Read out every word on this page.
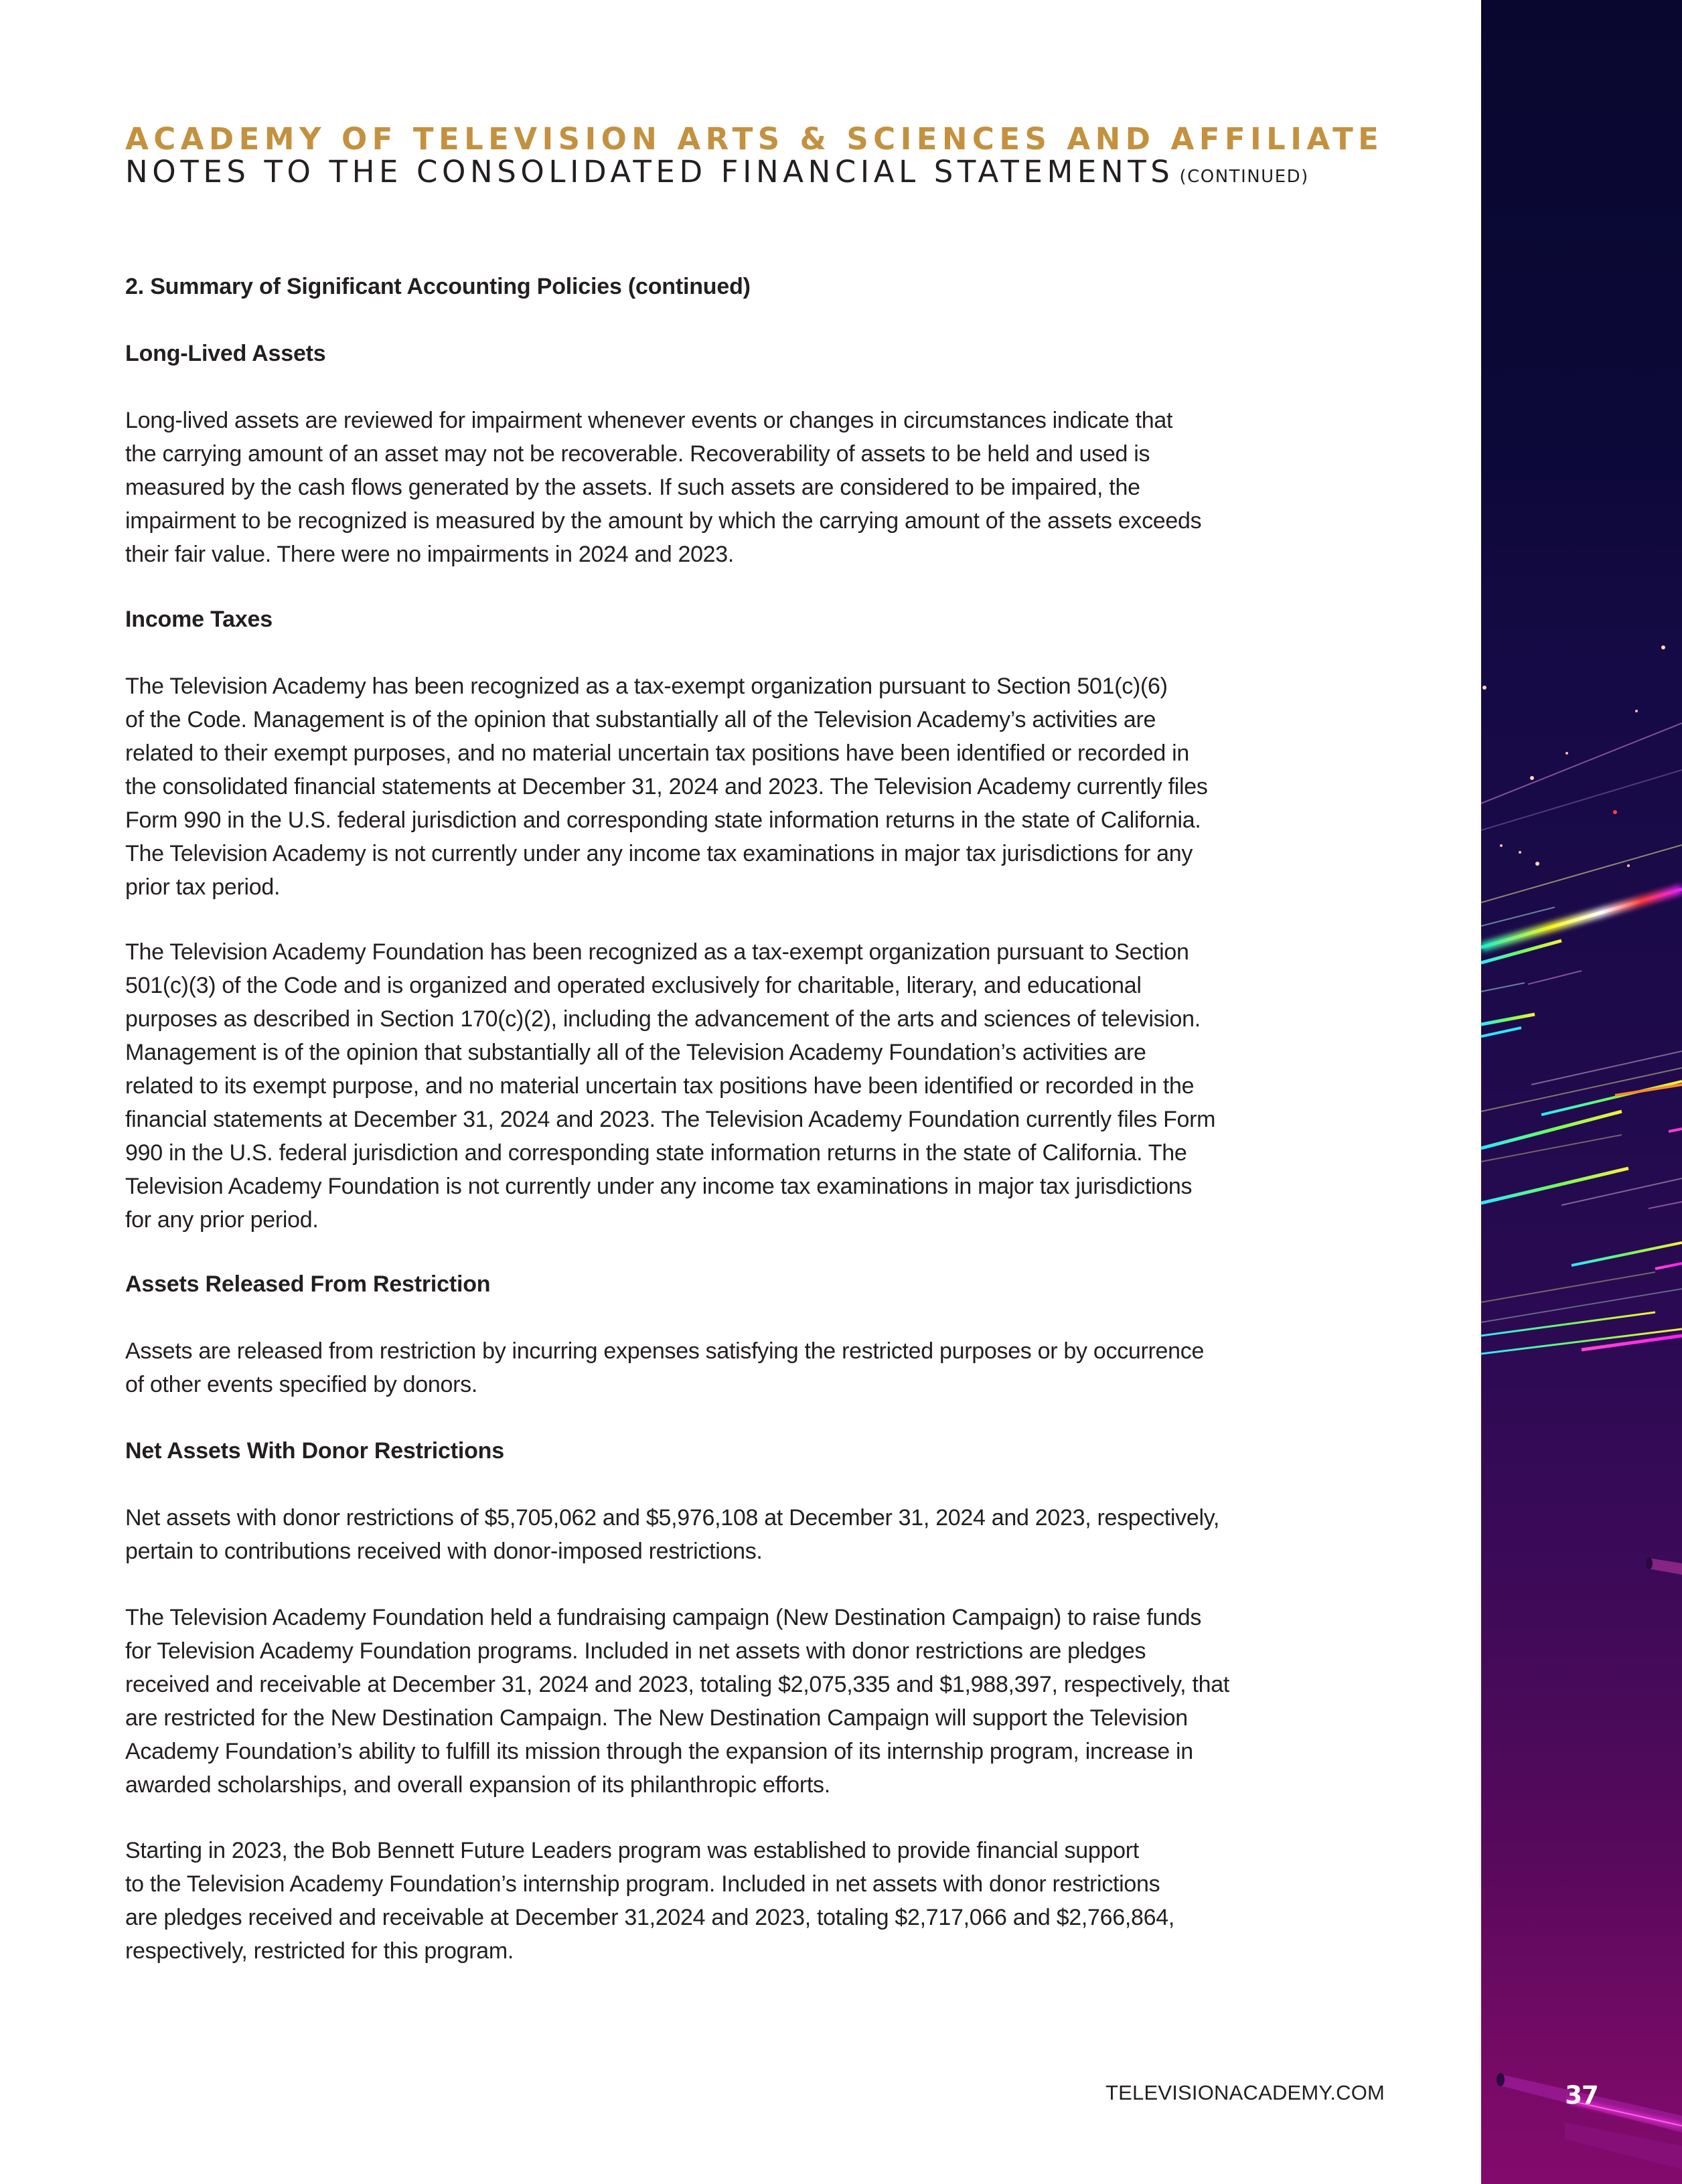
ACADEMY OF TELEVISION ARTS & SCIENCES AND AFFILIATE
NOTES TO THE CONSOLIDATED FINANCIAL STATEMENTS (CONTINUED)
2. Summary of Significant Accounting Policies (continued)
Long-Lived Assets
Long-lived assets are reviewed for impairment whenever events or changes in circumstances indicate that
the carrying amount of an asset may not be recoverable. Recoverability of assets to be held and used is
measured by the cash flows generated by the assets. If such assets are considered to be impaired, the
impairment to be recognized is measured by the amount by which the carrying amount of the assets exceeds
their fair value. There were no impairments in 2024 and 2023.
Income Taxes
The Television Academy has been recognized as a tax-exempt organization pursuant to Section 501(c)(6)
of the Code. Management is of the opinion that substantially all of the Television Academy’s activities are
related to their exempt purposes, and no material uncertain tax positions have been identified or recorded in
the consolidated financial statements at December 31, 2024 and 2023. The Television Academy currently files
Form 990 in the U.S. federal jurisdiction and corresponding state information returns in the state of California.
The Television Academy is not currently under any income tax examinations in major tax jurisdictions for any
prior tax period.
The Television Academy Foundation has been recognized as a tax-exempt organization pursuant to Section
501(c)(3) of the Code and is organized and operated exclusively for charitable, literary, and educational
purposes as described in Section 170(c)(2), including the advancement of the arts and sciences of television.
Management is of the opinion that substantially all of the Television Academy Foundation’s activities are
related to its exempt purpose, and no material uncertain tax positions have been identified or recorded in the
financial statements at December 31, 2024 and 2023. The Television Academy Foundation currently files Form
990 in the U.S. federal jurisdiction and corresponding state information returns in the state of California. The
Television Academy Foundation is not currently under any income tax examinations in major tax jurisdictions
for any prior period.
Assets Released From Restriction
Assets are released from restriction by incurring expenses satisfying the restricted purposes or by occurrence
of other events specified by donors.
Net Assets With Donor Restrictions
Net assets with donor restrictions of $5,705,062 and $5,976,108 at December 31, 2024 and 2023, respectively,
pertain to contributions received with donor-imposed restrictions.
The Television Academy Foundation held a fundraising campaign (New Destination Campaign) to raise funds
for Television Academy Foundation programs. Included in net assets with donor restrictions are pledges
received and receivable at December 31, 2024 and 2023, totaling $2,075,335 and $1,988,397, respectively, that
are restricted for the New Destination Campaign. The New Destination Campaign will support the Television
Academy Foundation’s ability to fulfill its mission through the expansion of its internship program, increase in
awarded scholarships, and overall expansion of its philanthropic efforts.
Starting in 2023, the Bob Bennett Future Leaders program was established to provide financial support
to the Television Academy Foundation’s internship program. Included in net assets with donor restrictions
are pledges received and receivable at December 31,2024 and 2023, totaling $2,717,066 and $2,766,864,
respectively, restricted for this program.
TELEVISIONACADEMY.COM	37
